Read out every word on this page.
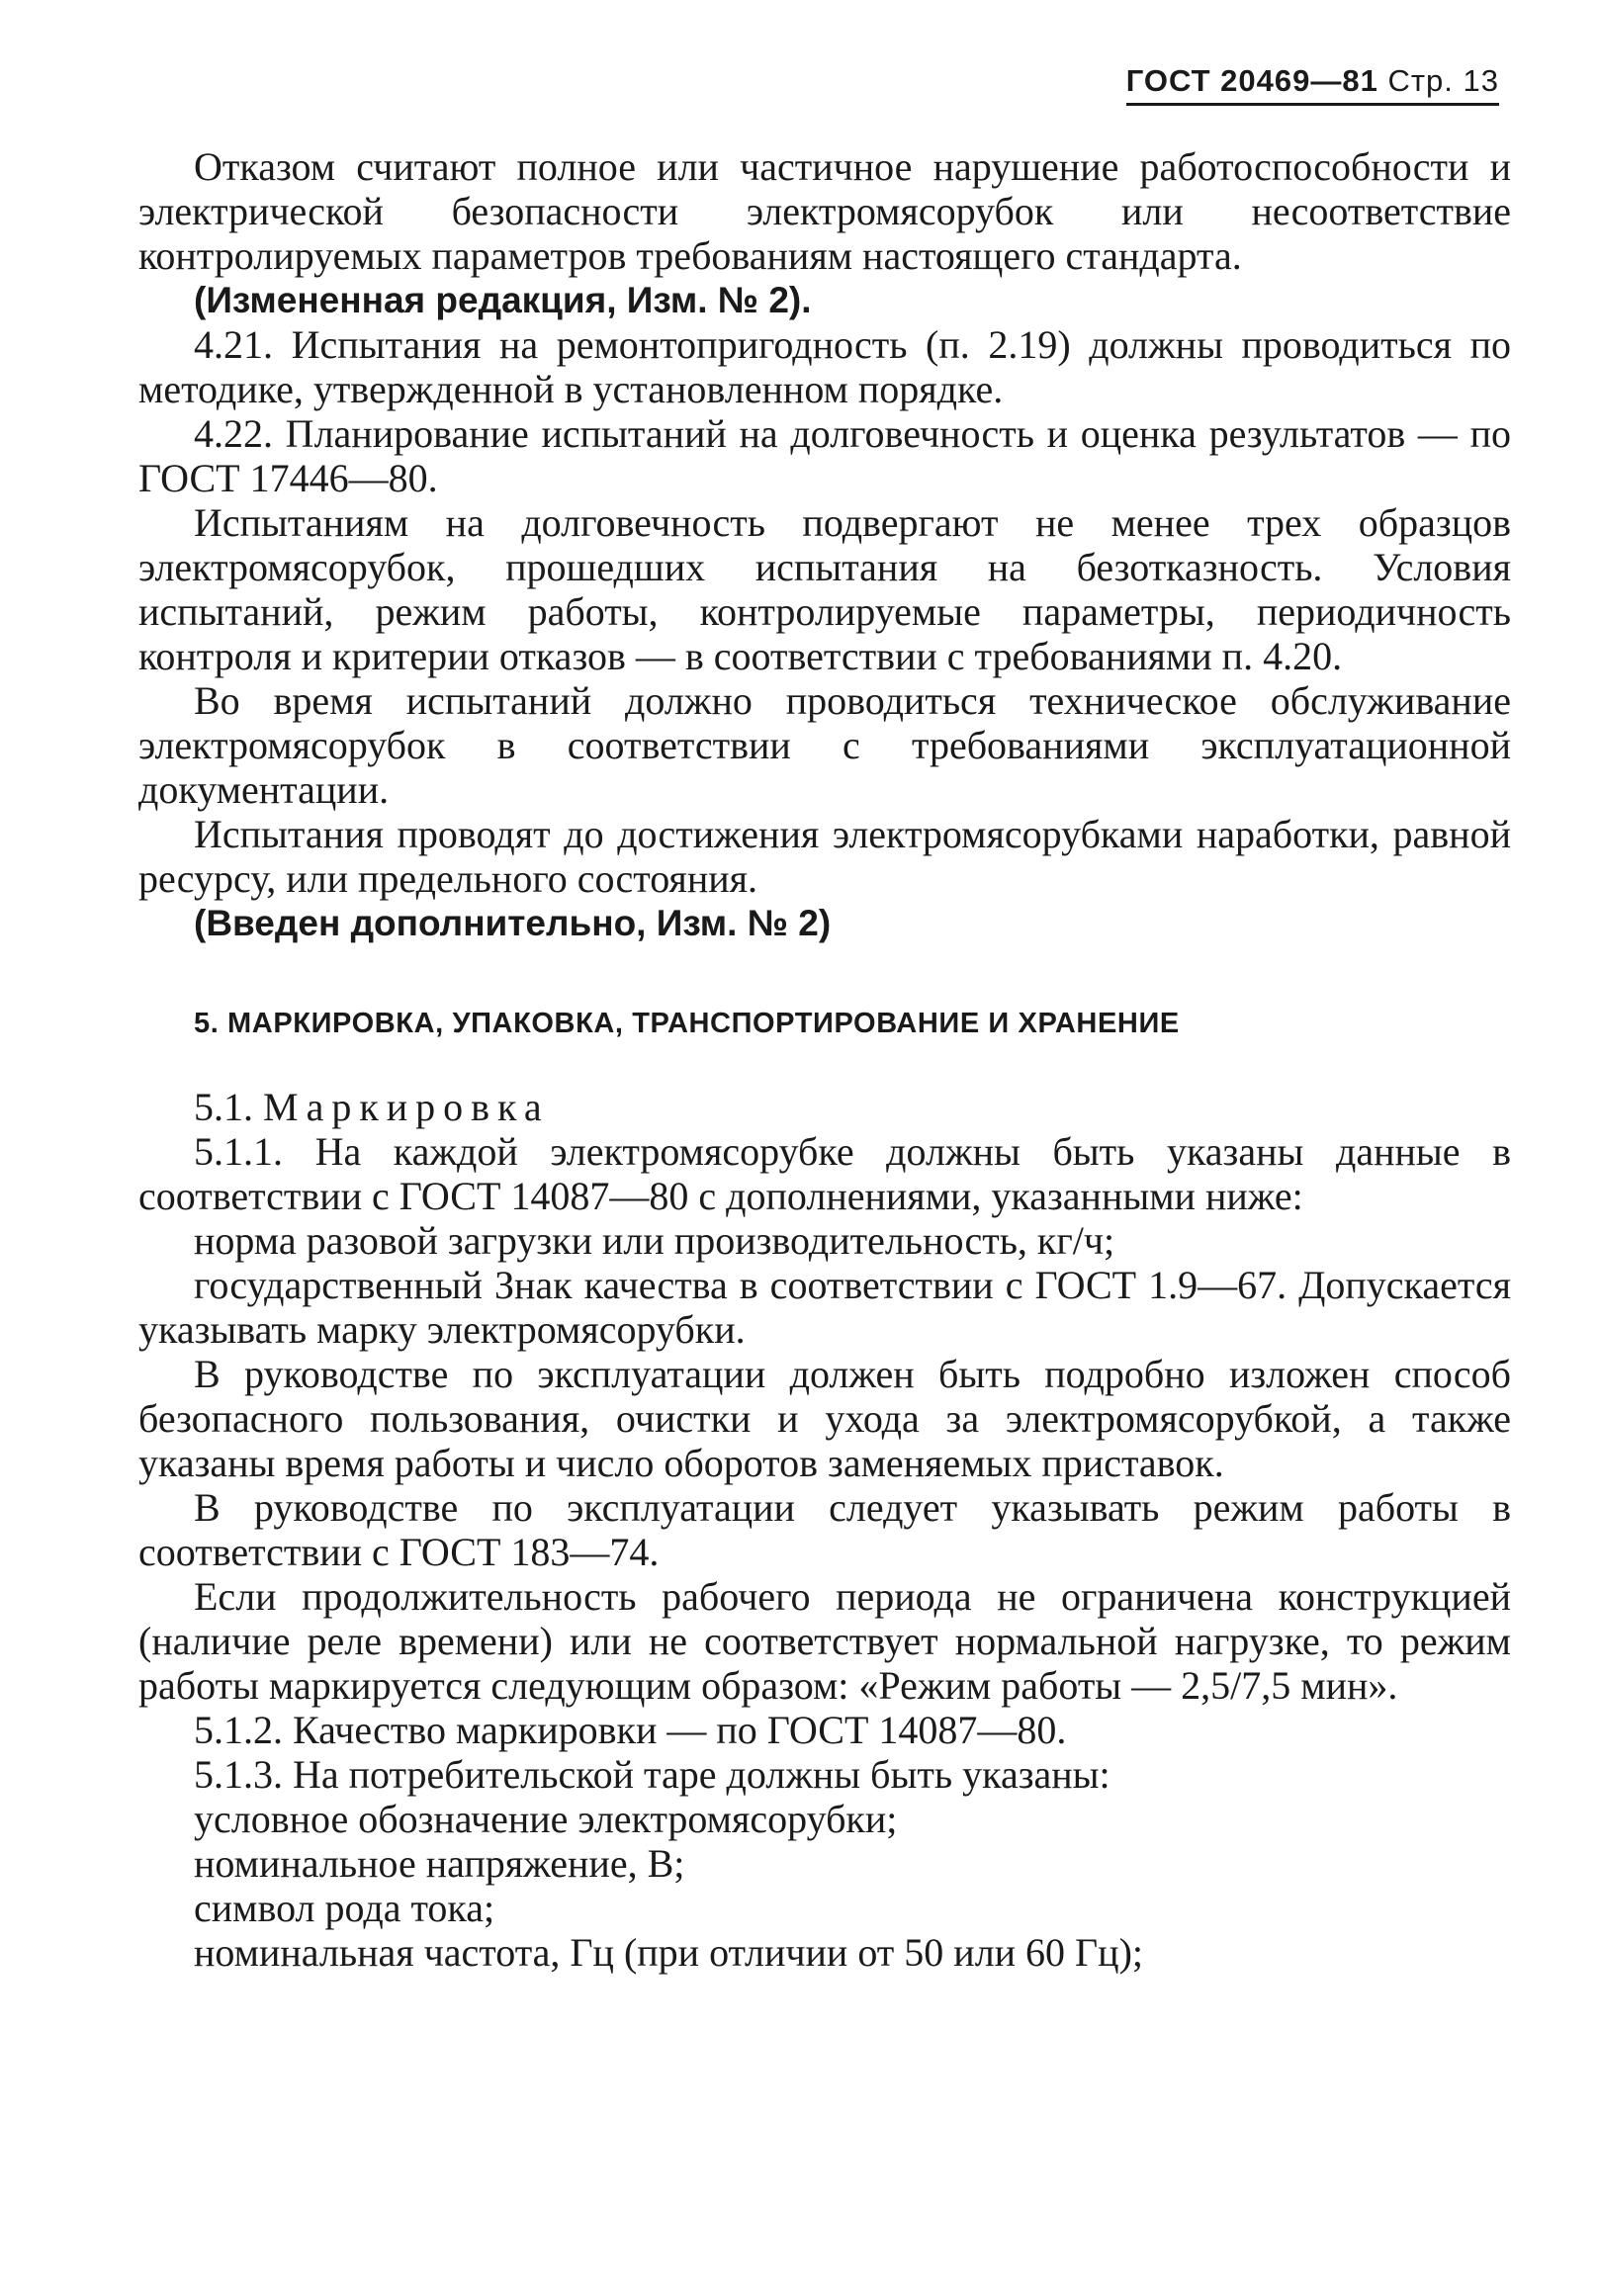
ГОСТ 20469—81 Стр. 13

Отказом считают полное или частичное нарушение работоспособности и электрической безопасности электромясорубок или несоответствие контролируемых параметров требованиям настоящего стандарта.

(Измененная редакция, Изм. № 2).

4.21. Испытания на ремонтопригодность (п. 2.19) должны проводиться по методике, утвержденной в установленном порядке.

4.22. Планирование испытаний на долговечность и оценка результатов — по ГОСТ 17446—80.

Испытаниям на долговечность подвергают не менее трех образцов электромясорубок, прошедших испытания на безотказность. Условия испытаний, режим работы, контролируемые параметры, периодичность контроля и критерии отказов — в соответствии с требованиями п. 4.20.

Во время испытаний должно проводиться техническое обслуживание электромясорубок в соответствии с требованиями эксплуатационной документации.

Испытания проводят до достижения электромясорубками наработки, равной ресурсу, или предельного состояния.

(Введен дополнительно, Изм. № 2)

5. МАРКИРОВКА, УПАКОВКА, ТРАНСПОРТИРОВАНИЕ И ХРАНЕНИЕ

5.1. Маркировка

5.1.1. На каждой электромясорубке должны быть указаны данные в соответствии с ГОСТ 14087—80 с дополнениями, указанными ниже:

норма разовой загрузки или производительность, кг/ч;

государственный Знак качества в соответствии с ГОСТ 1.9—67. Допускается указывать марку электромясорубки.

В руководстве по эксплуатации должен быть подробно изложен способ безопасного пользования, очистки и ухода за электромясорубкой, а также указаны время работы и число оборотов заменяемых приставок.

В руководстве по эксплуатации следует указывать режим работы в соответствии с ГОСТ 183—74.

Если продолжительность рабочего периода не ограничена конструкцией (наличие реле времени) или не соответствует нормальной нагрузке, то режим работы маркируется следующим образом: «Режим работы — 2,5/7,5 мин».

5.1.2. Качество маркировки — по ГОСТ 14087—80.

5.1.3. На потребительской таре должны быть указаны:

условное обозначение электромясорубки;

номинальное напряжение, В;

символ рода тока;

номинальная частота, Гц (при отличии от 50 или 60 Гц);
